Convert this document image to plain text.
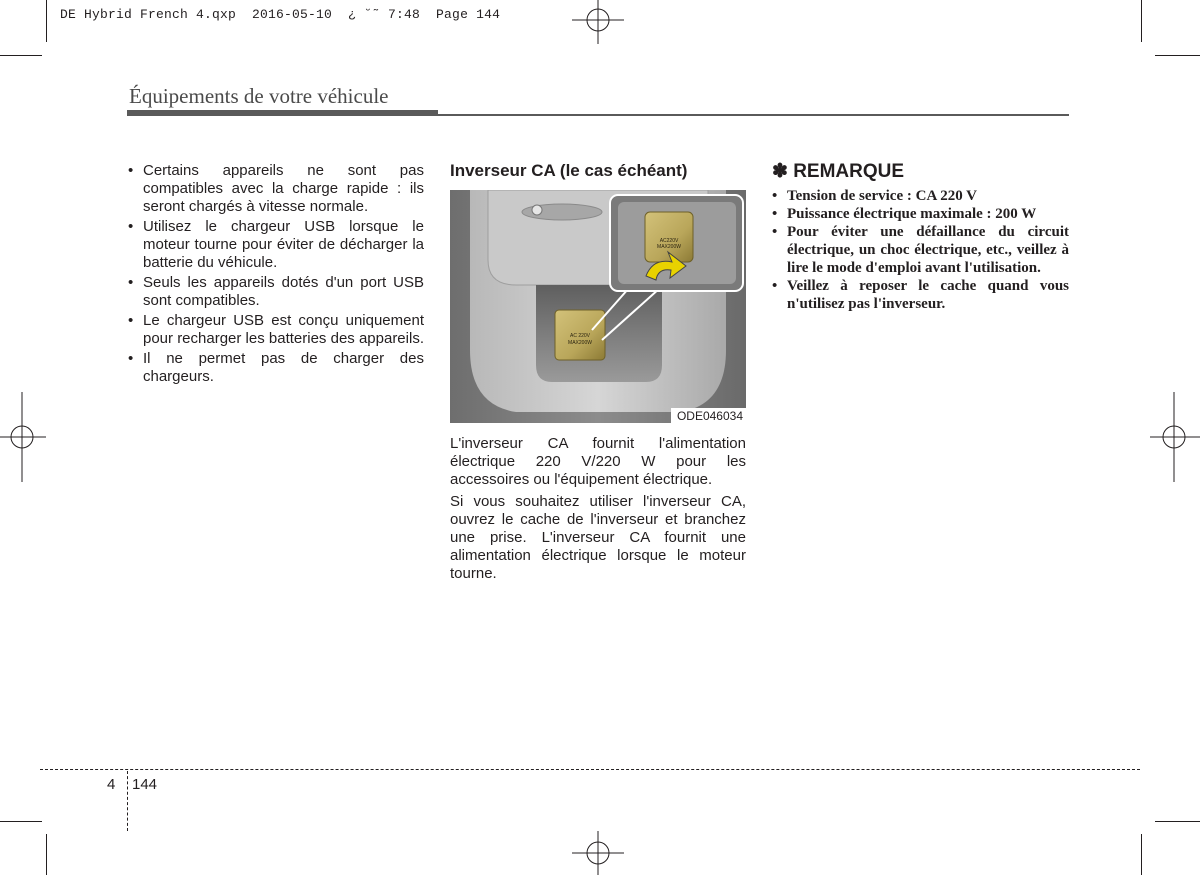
DE Hybrid French 4.qxp  2016-05-10  ¿ ˘˜ 7:48  Page 144
Équipements de votre véhicule
• Certains appareils ne sont pas compatibles avec la charge rapide : ils seront chargés à vitesse normale.
• Utilisez le chargeur USB lorsque le moteur tourne pour éviter de décharger la batterie du véhicule.
• Seuls les appareils dotés d'un port USB sont compatibles.
• Le chargeur USB est conçu uniquement pour recharger les batteries des appareils.
• Il ne permet pas de charger des chargeurs.
Inverseur CA (le cas échéant)
AC 220V
MAX200W
AC220V
MAX200W
ODE046034

L'inverseur CA fournit l'alimentation électrique 220 V/220 W pour les accessoires ou l'équipement électrique.

Si vous souhaitez utiliser l'inverseur CA, ouvrez le cache de l'inverseur et branchez une prise. L'inverseur CA fournit une alimentation électrique lorsque le moteur tourne.

✽ REMARQUE
• Tension de service : CA 220 V
• Puissance électrique maximale : 200 W
• Pour éviter une défaillance du circuit électrique, un choc électrique, etc., veillez à lire le mode d'emploi avant l'utilisation.
• Veillez à reposer le cache quand vous n'utilisez pas l'inverseur.
4 144
